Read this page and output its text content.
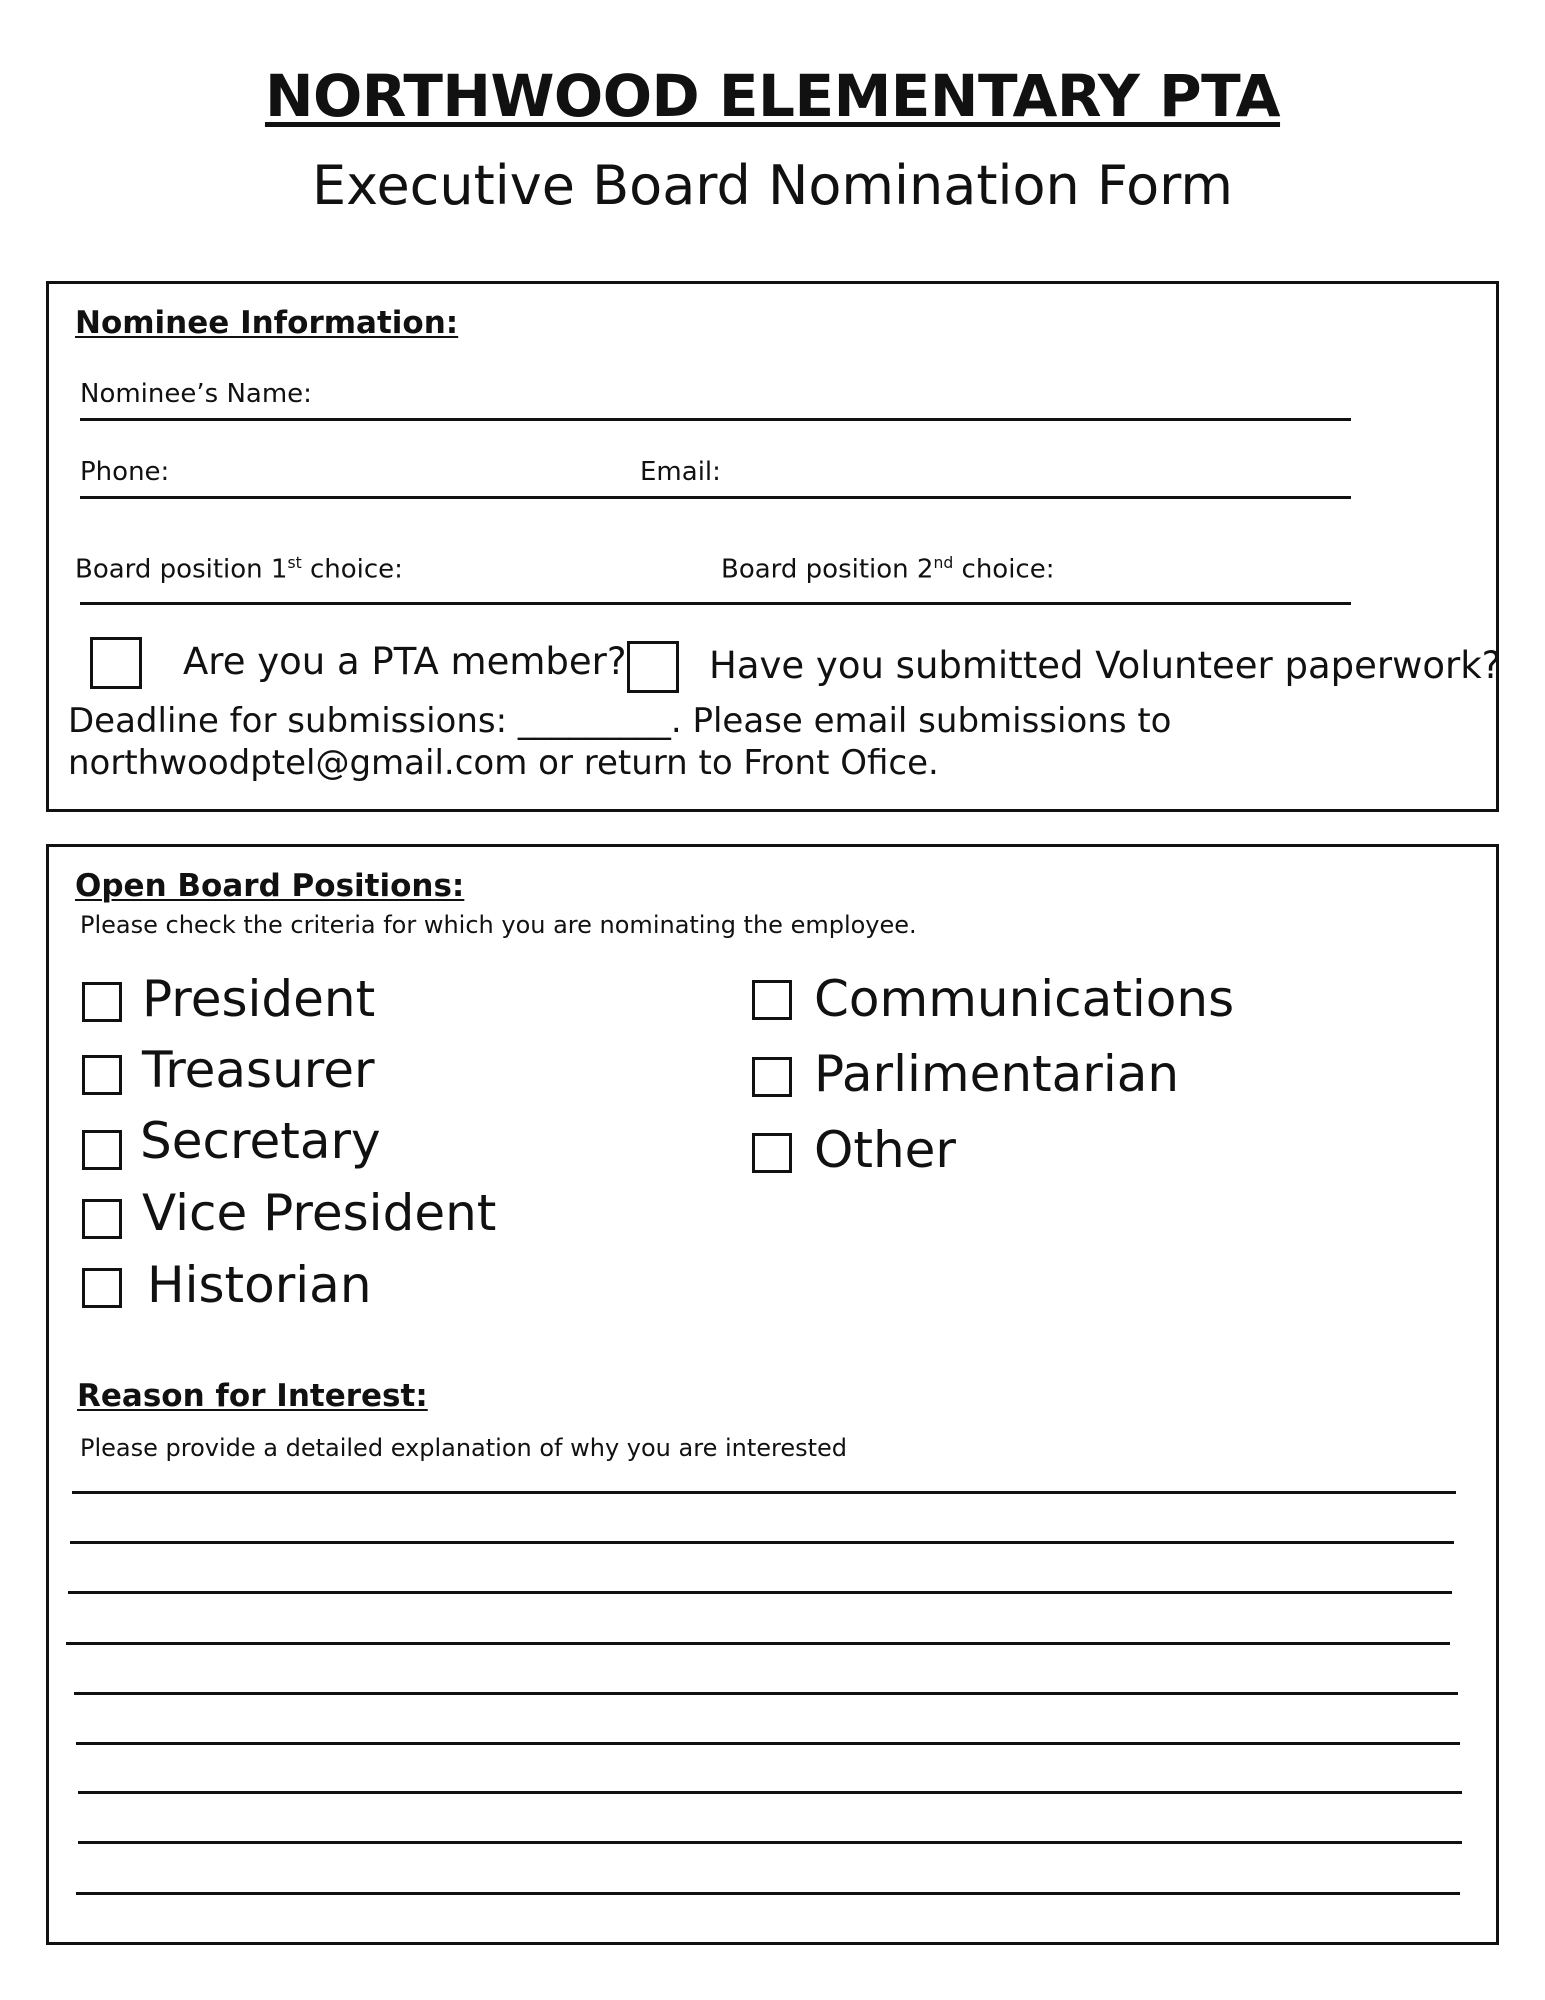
NORTHWOOD ELEMENTARY PTA
Executive Board Nomination Form
Nominee Information:
Nominee’s Name:
Phone:	Email:
Board position 1st choice:	Board position 2nd choice:
Are you a PTA member? Have you submitted Volunteer paperwork?
Deadline for submissions: _________. Please email submissions to
northwoodptel@gmail.com or return to Front Ofice.
Open Board Positions:
Please check the criteria for which you are nominating the employee.
President
Treasurer
Secretary
Vice President
Historian
Communications
Parlimentarian
Other
Reason for Interest:
Please provide a detailed explanation of why you are interested
